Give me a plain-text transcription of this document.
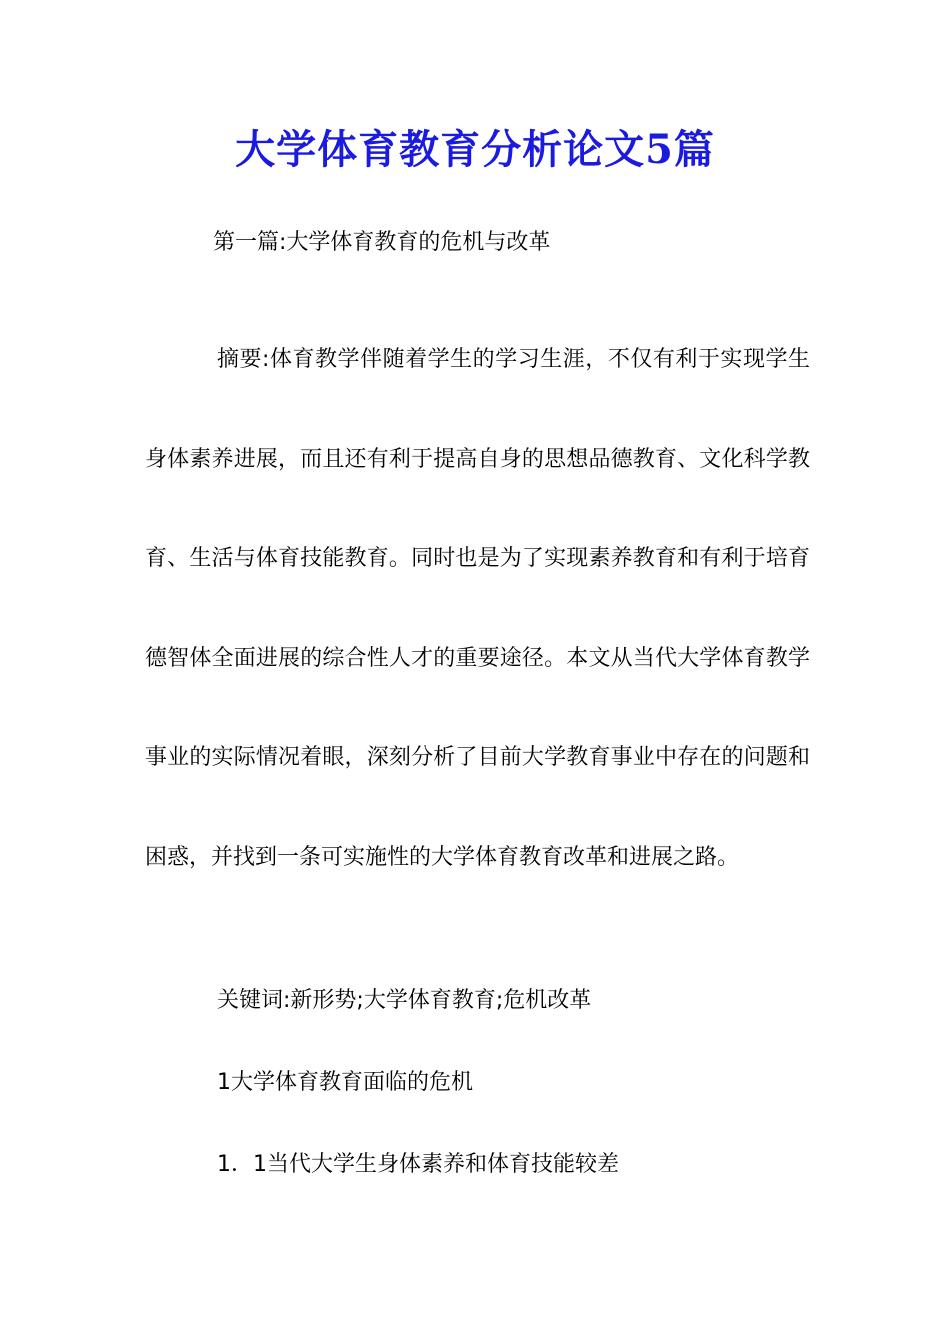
大学体育教育分析论文5篇

第一篇:大学体育教育的危机与改革

摘要:体育教学伴随着学生的学习生涯，不仅有利于实现学生身体素养进展，而且还有利于提高自身的思想品德教育、文化科学教育、生活与体育技能教育。同时也是为了实现素养教育和有利于培育德智体全面进展的综合性人才的重要途径。本文从当代大学体育教学事业的实际情况着眼，深刻分析了目前大学教育事业中存在的问题和困惑，并找到一条可实施性的大学体育教育改革和进展之路。

关键词:新形势;大学体育教育;危机改革

1大学体育教育面临的危机

1．1当代大学生身体素养和体育技能较差
